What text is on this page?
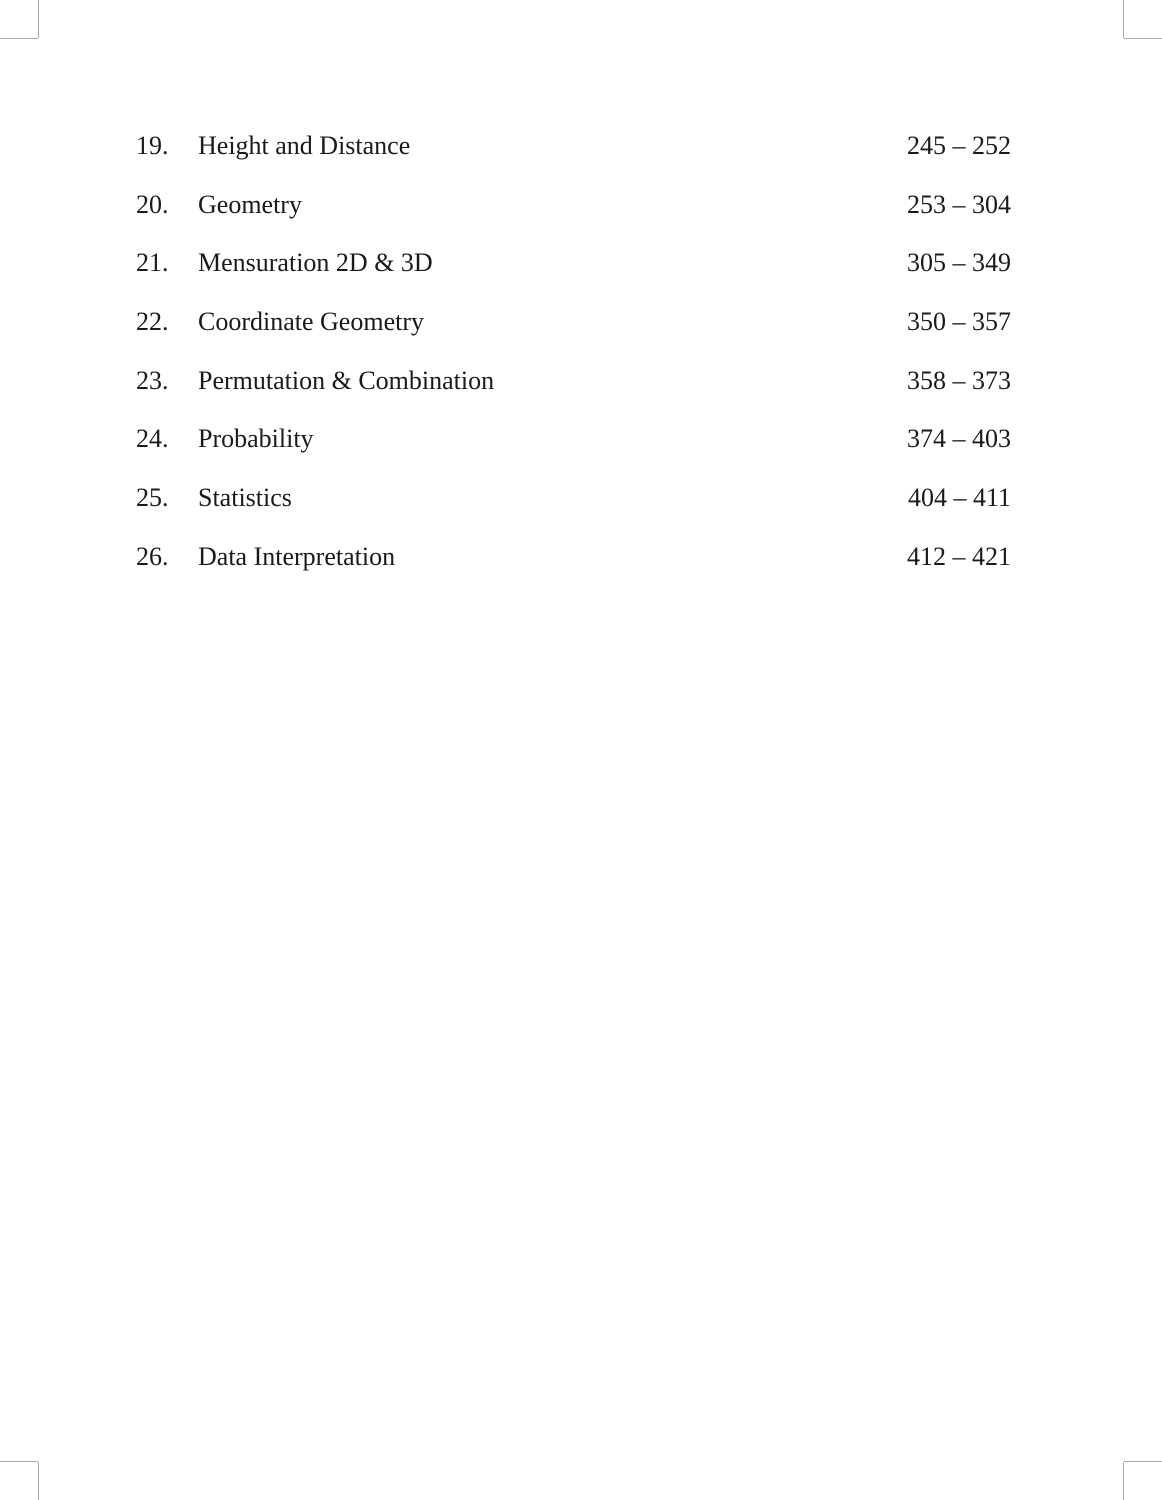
19.	Height and Distance	245 – 252
20.	Geometry	253 – 304
21.	Mensuration 2D & 3D	305 – 349
22.	Coordinate Geometry	350 – 357
23.	Permutation & Combination	358 – 373
24.	Probability	374 – 403
25.	Statistics	404 – 411
26.	Data Interpretation	412 – 421
